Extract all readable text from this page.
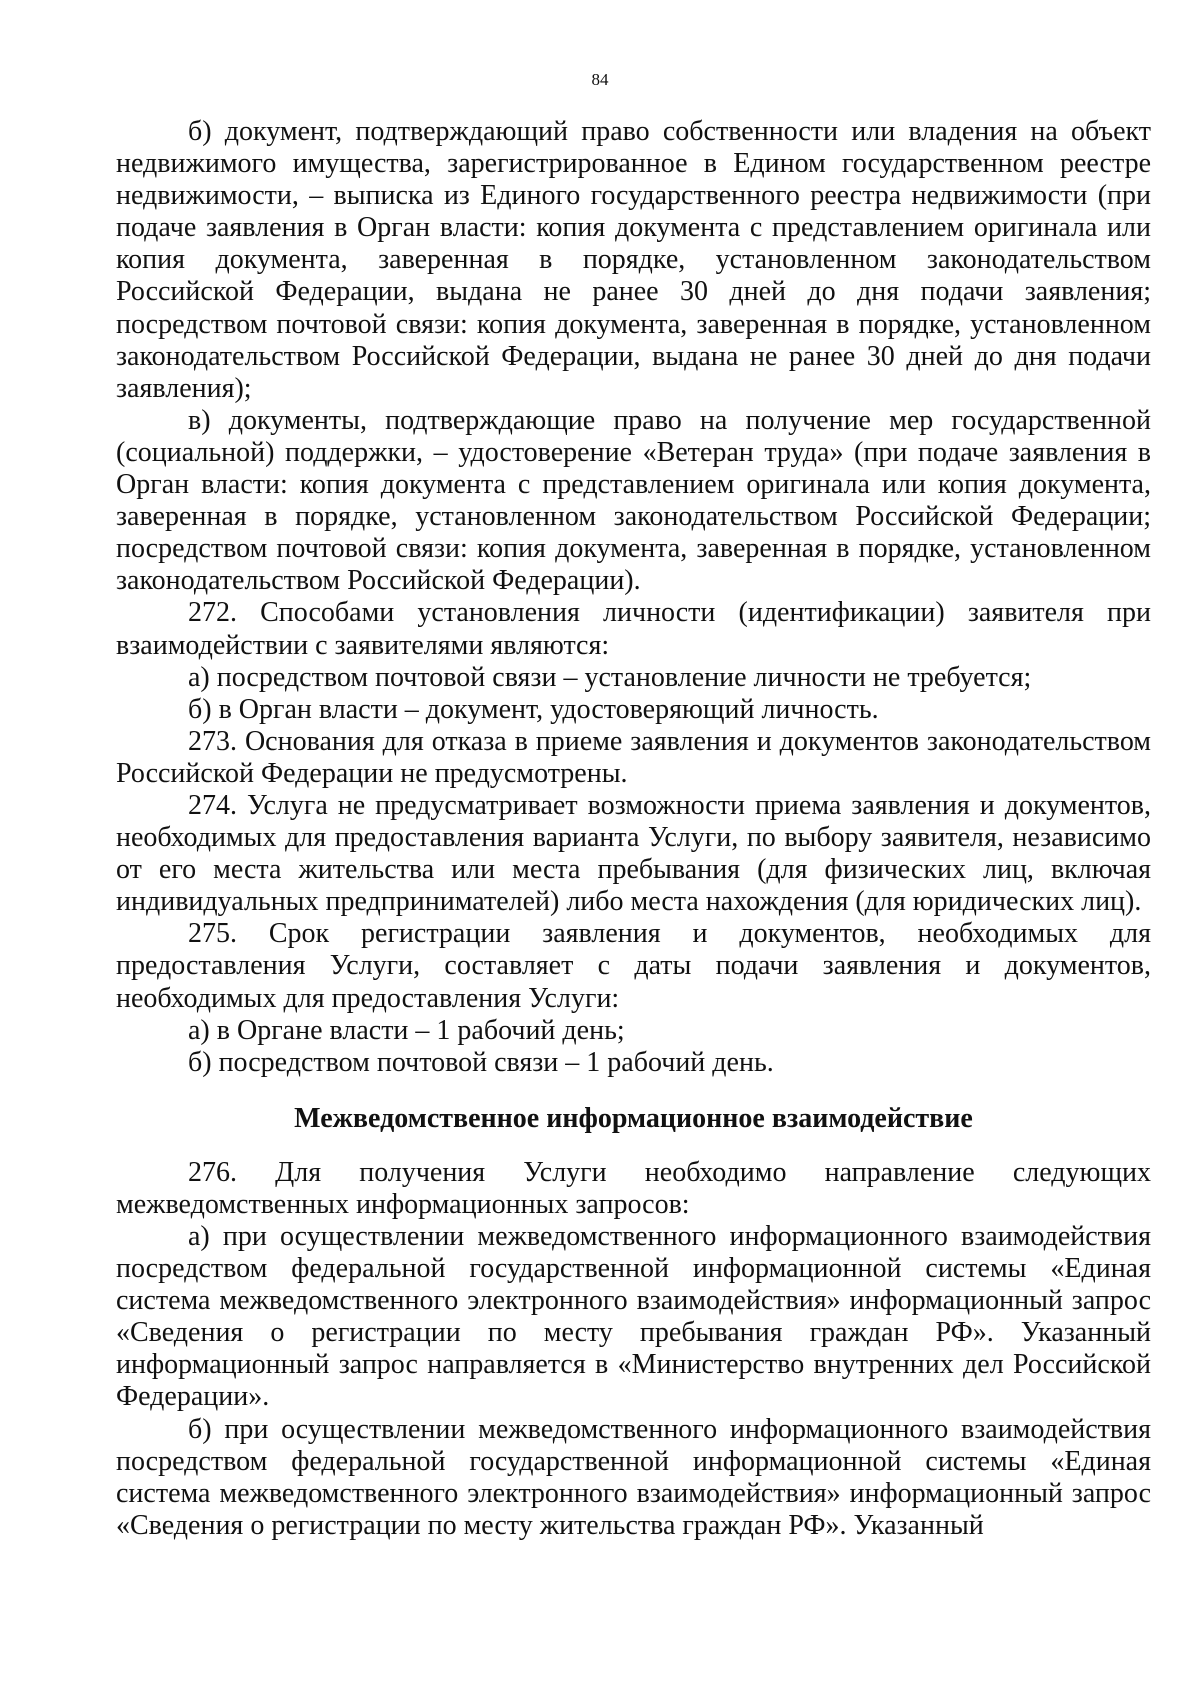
84

б) документ, подтверждающий право собственности или владения на объект недвижимого имущества, зарегистрированное в Едином государственном реестре недвижимости, – выписка из Единого государственного реестра недвижимости (при подаче заявления в Орган власти: копия документа с представлением оригинала или копия документа, заверенная в порядке, установленном законодательством Российской Федерации, выдана не ранее 30 дней до дня подачи заявления; посредством почтовой связи: копия документа, заверенная в порядке, установленном законодательством Российской Федерации, выдана не ранее 30 дней до дня подачи заявления);

в) документы, подтверждающие право на получение мер государственной (социальной) поддержки, – удостоверение «Ветеран труда» (при подаче заявления в Орган власти: копия документа с представлением оригинала или копия документа, заверенная в порядке, установленном законодательством Российской Федерации; посредством почтовой связи: копия документа, заверенная в порядке, установленном законодательством Российской Федерации).

272. Способами установления личности (идентификации) заявителя при взаимодействии с заявителями являются:

а) посредством почтовой связи – установление личности не требуется;

б) в Орган власти – документ, удостоверяющий личность.

273. Основания для отказа в приеме заявления и документов законодательством Российской Федерации не предусмотрены.

274. Услуга не предусматривает возможности приема заявления и документов, необходимых для предоставления варианта Услуги, по выбору заявителя, независимо от его места жительства или места пребывания (для физических лиц, включая индивидуальных предпринимателей) либо места нахождения (для юридических лиц).

275. Срок регистрации заявления и документов, необходимых для предоставления Услуги, составляет с даты подачи заявления и документов, необходимых для предоставления Услуги:

а) в Органе власти – 1 рабочий день;

б) посредством почтовой связи – 1 рабочий день.

Межведомственное информационное взаимодействие

276. Для получения Услуги необходимо направление следующих межведомственных информационных запросов:

а) при осуществлении межведомственного информационного взаимодействия посредством федеральной государственной информационной системы «Единая система межведомственного электронного взаимодействия» информационный запрос «Сведения о регистрации по месту пребывания граждан РФ». Указанный информационный запрос направляется в «Министерство внутренних дел Российской Федерации».

б) при осуществлении межведомственного информационного взаимодействия посредством федеральной государственной информационной системы «Единая система межведомственного электронного взаимодействия» информационный запрос «Сведения о регистрации по месту жительства граждан РФ». Указанный
